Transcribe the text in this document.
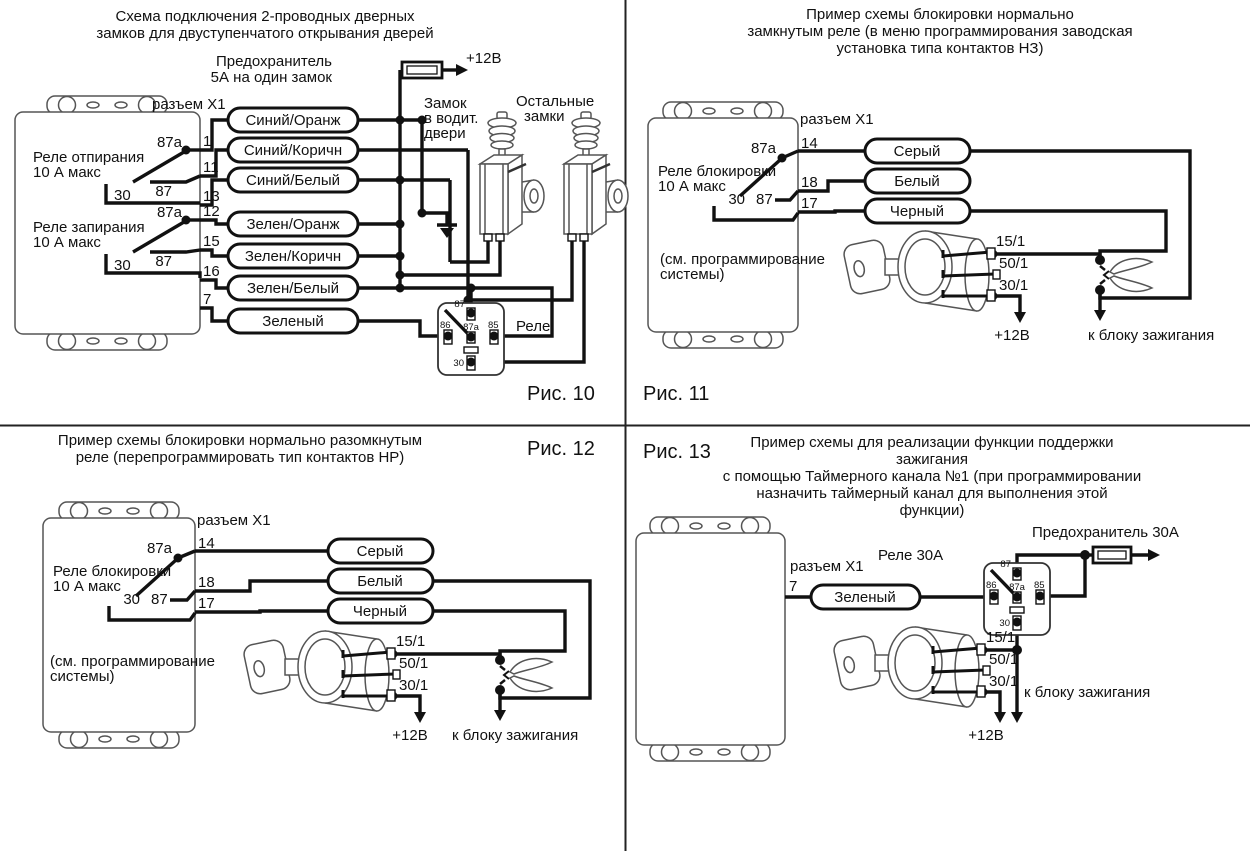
разъем X1
Предохранитель
5А на один замок
+12В
Реле отпирания
10 А макс
Реле запирания
10 А макс
87а
87
30
87а
87
30
1
11
13
12
15
16
7
Синий/Оранж
Синий/Коричн
Синий/Белый
Зелен/Оранж
Зелен/Коричн
Зелен/Белый
Зеленый
Замок
в водит.
двери
Остальные
замки
Реле
87
86 87а 85
30
разъем X1
87а
Реле блокировки
10 А макс
30 87
14
18
17
Серый
Белый
Черный
(см. программирование
системы)
15/1
50/1
30/1
+12В	к блоку зажигания
разъем X1
87а
Реле блокировки
10 А макс
30 87
14
18
17
Серый
Белый
Черный
(см. программирование
системы)
15/1
50/1
30/1
+12В к блоку зажигания
разъем X1
7
Зеленый
Реле 30А
Предохранитель 30А
87
86 87а 85
30
15/1
50/1
30/1
+12В
к блоку зажигания
Схема подключения 2-проводных дверных
замков для двуступенчатого открывания дверей
Пример схемы блокировки нормально
замкнутым реле (в меню программирования заводская
установка типа контактов НЗ)
Пример схемы блокировки нормально разомкнутым
реле (перепрограммировать тип контактов НР)
Пример схемы для реализации функции поддержки зажигания
с помощью Таймерного канала №1 (при программировании
назначить таймерный канал для выполнения этой функции)
Рис. 10 Рис. 11
Рис. 12 Рис. 13
